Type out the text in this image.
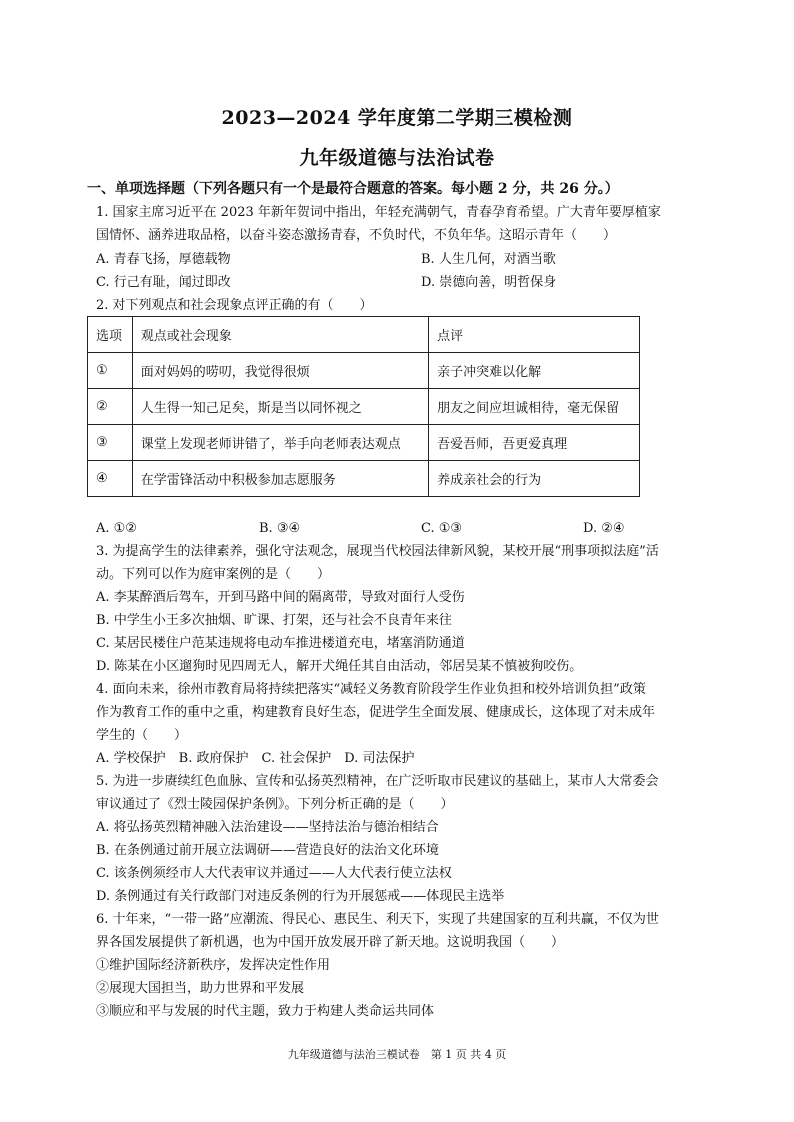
2023—2024 学年度第二学期三模检测
九年级道德与法治试卷
一、单项选择题（下列各题只有一个是最符合题意的答案。每小题 2 分，共 26 分。）
1. 国家主席习近平在 2023 年新年贺词中指出，年轻充满朝气，青春孕育希望。广大青年要厚植家
国情怀、涵养进取品格，以奋斗姿态激扬青春，不负时代，不负年华。这昭示青年（　　）
A. 青春飞扬，厚德载物	B. 人生几何，对酒当歌
C. 行己有耻，闻过即改	D. 崇德向善，明哲保身
2. 对下列观点和社会现象点评正确的有（　　）
选项	观点或社会现象	点评
①	面对妈妈的唠叨，我觉得很烦	亲子冲突难以化解
②	人生得一知己足矣，斯是当以同怀视之	朋友之间应坦诚相待，毫无保留
③	课堂上发现老师讲错了，举手向老师表达观点	吾爱吾师，吾更爱真理
④	在学雷锋活动中积极参加志愿服务	养成亲社会的行为
A. ①②	B. ③④	C. ①③	D. ②④
3. 为提高学生的法律素养，强化守法观念，展现当代校园法律新风貌，某校开展“刑事项拟法庭”活
动。下列可以作为庭审案例的是（　　）
A. 李某醉酒后驾车，开到马路中间的隔离带，导致对面行人受伤
B. 中学生小王多次抽烟、旷课、打架，还与社会不良青年来往
C. 某居民楼住户范某违规将电动车推进楼道充电，堵塞消防通道
D. 陈某在小区遛狗时见四周无人，解开犬绳任其自由活动，邻居吴某不慎被狗咬伤。
4. 面向未来，徐州市教育局将持续把落实“减轻义务教育阶段学生作业负担和校外培训负担”政策
作为教育工作的重中之重，构建教育良好生态，促进学生全面发展、健康成长，这体现了对未成年
学生的（　　）
A. 学校保护　B. 政府保护　C. 社会保护　D. 司法保护
5. 为进一步赓续红色血脉、宣传和弘扬英烈精神，在广泛听取市民建议的基础上，某市人大常委会
审议通过了《烈士陵园保护条例》。下列分析正确的是（　　）
A. 将弘扬英烈精神融入法治建设——坚持法治与德治相结合
B. 在条例通过前开展立法调研——营造良好的法治文化环境
C. 该条例须经市人大代表审议并通过——人大代表行使立法权
D. 条例通过有关行政部门对违反条例的行为开展惩戒——体现民主选举
6. 十年来，“一带一路”应潮流、得民心、惠民生、利天下，实现了共建国家的互利共赢，不仅为世
界各国发展提供了新机遇，也为中国开放发展开辟了新天地。这说明我国（　　）
①维护国际经济新秩序，发挥决定性作用
②展现大国担当，助力世界和平发展
③顺应和平与发展的时代主题，致力于构建人类命运共同体
九年级道德与法治三模试卷　第 1 页 共 4 页
